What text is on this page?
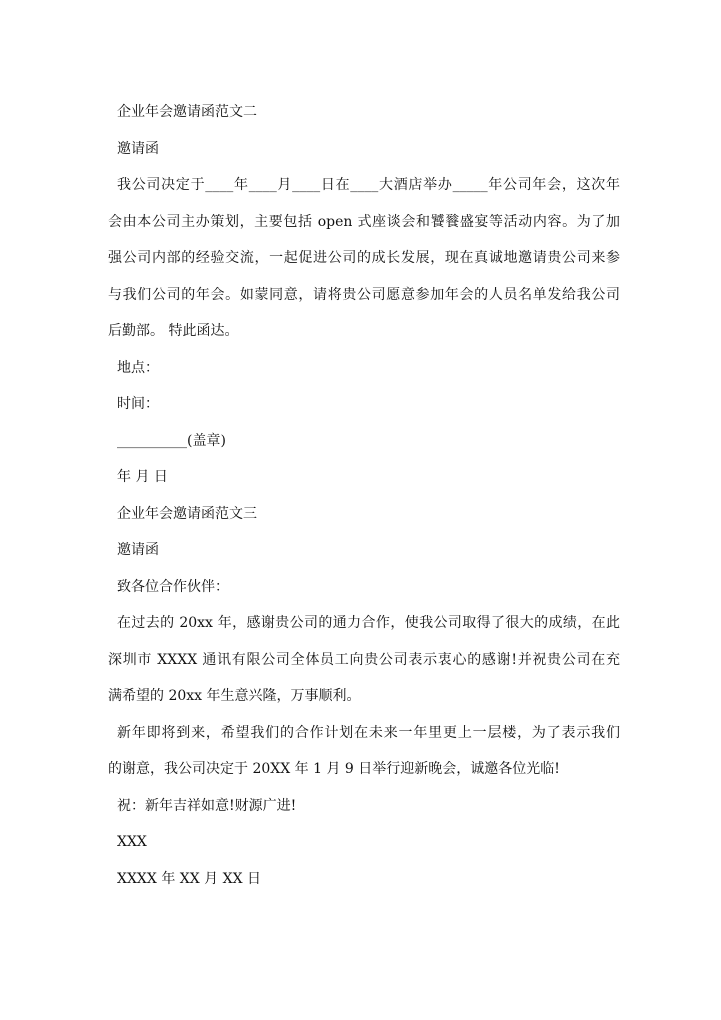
企业年会邀请函范文二
邀请函
我公司决定于____年____月____日在____大酒店举办_____年公司年会，这次年
会由本公司主办策划，主要包括 open 式座谈会和饕餮盛宴等活动内容。为了加
强公司内部的经验交流，一起促进公司的成长发展，现在真诚地邀请贵公司来参
与我们公司的年会。如蒙同意，请将贵公司愿意参加年会的人员名单发给我公司
后勤部。 特此函达。
地点：
时间：
__________(盖章)
年 月 日
企业年会邀请函范文三
邀请函
致各位合作伙伴：
在过去的 20xx 年，感谢贵公司的通力合作，使我公司取得了很大的成绩，在此
深圳市 XXXX 通讯有限公司全体员工向贵公司表示衷心的感谢!并祝贵公司在充
满希望的 20xx 年生意兴隆，万事顺利。
新年即将到来，希望我们的合作计划在未来一年里更上一层楼，为了表示我们
的谢意，我公司决定于 20XX 年 1 月 9 日举行迎新晚会，诚邀各位光临!
祝：新年吉祥如意!财源广进!
XXX
XXXX 年 XX 月 XX 日
